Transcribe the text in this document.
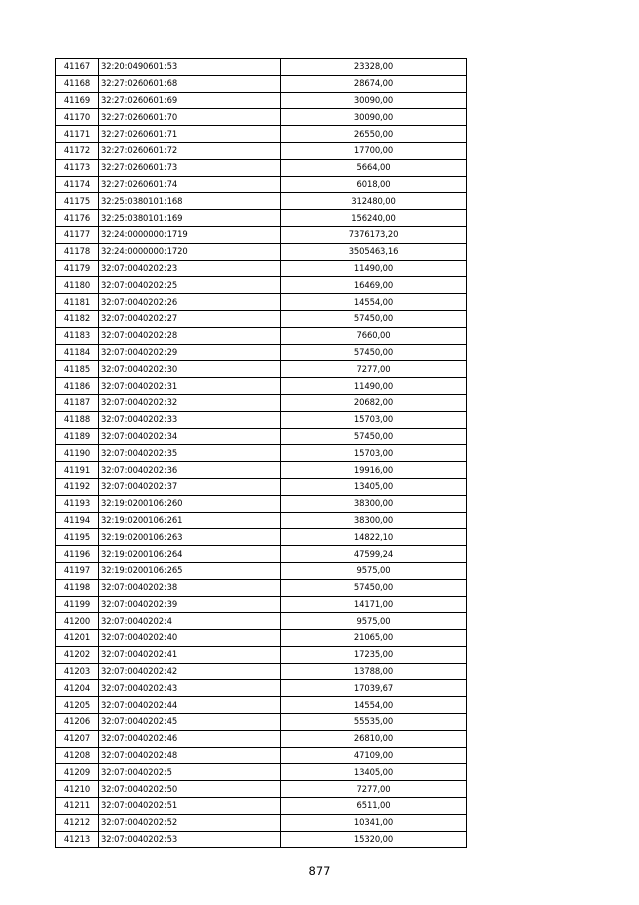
41167	32:20:0490601:53	23328,00
41168	32:27:0260601:68	28674,00
41169	32:27:0260601:69	30090,00
41170	32:27:0260601:70	30090,00
41171	32:27:0260601:71	26550,00
41172	32:27:0260601:72	17700,00
41173	32:27:0260601:73	5664,00
41174	32:27:0260601:74	6018,00
41175	32:25:0380101:168	312480,00
41176	32:25:0380101:169	156240,00
41177	32:24:0000000:1719	7376173,20
41178	32:24:0000000:1720	3505463,16
41179	32:07:0040202:23	11490,00
41180	32:07:0040202:25	16469,00
41181	32:07:0040202:26	14554,00
41182	32:07:0040202:27	57450,00
41183	32:07:0040202:28	7660,00
41184	32:07:0040202:29	57450,00
41185	32:07:0040202:30	7277,00
41186	32:07:0040202:31	11490,00
41187	32:07:0040202:32	20682,00
41188	32:07:0040202:33	15703,00
41189	32:07:0040202:34	57450,00
41190	32:07:0040202:35	15703,00
41191	32:07:0040202:36	19916,00
41192	32:07:0040202:37	13405,00
41193	32:19:0200106:260	38300,00
41194	32:19:0200106:261	38300,00
41195	32:19:0200106:263	14822,10
41196	32:19:0200106:264	47599,24
41197	32:19:0200106:265	9575,00
41198	32:07:0040202:38	57450,00
41199	32:07:0040202:39	14171,00
41200	32:07:0040202:4	9575,00
41201	32:07:0040202:40	21065,00
41202	32:07:0040202:41	17235,00
41203	32:07:0040202:42	13788,00
41204	32:07:0040202:43	17039,67
41205	32:07:0040202:44	14554,00
41206	32:07:0040202:45	55535,00
41207	32:07:0040202:46	26810,00
41208	32:07:0040202:48	47109,00
41209	32:07:0040202:5	13405,00
41210	32:07:0040202:50	7277,00
41211	32:07:0040202:51	6511,00
41212	32:07:0040202:52	10341,00
41213	32:07:0040202:53	15320,00
877
